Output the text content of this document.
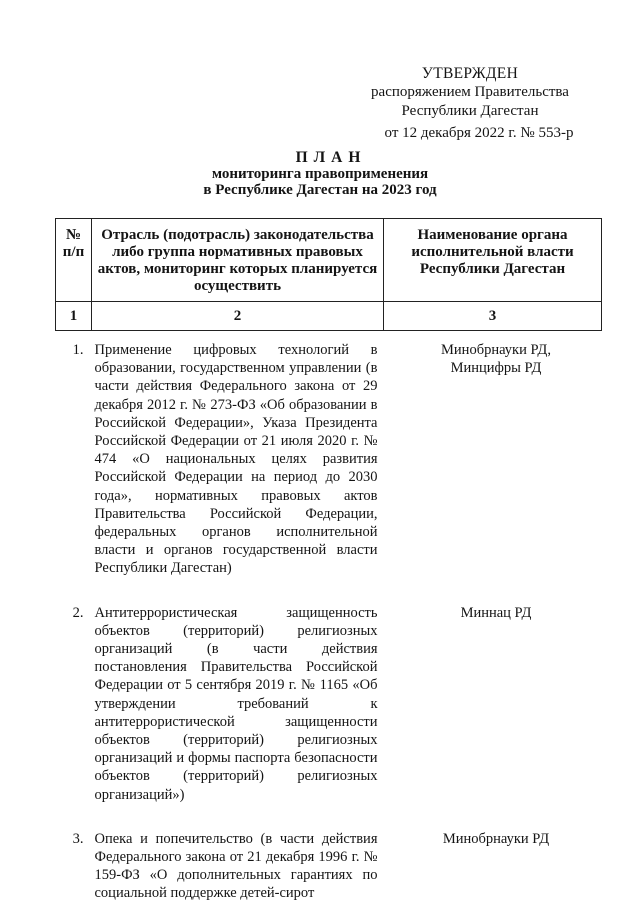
УТВЕРЖДЕН
распоряжением Правительства
Республики Дагестан
от 12 декабря 2022 г. № 553-р
ПЛАН
мониторинга правоприменения
в Республике Дагестан на 2023 год
№ п/п	Отрасль (подотрасль) законодательства либо группа нормативных правовых актов, мониторинг которых планируется осуществить	Наименование органа исполнительной власти Республики Дагестан
1	2	3
1.	Применение цифровых технологий в образовании, государственном управлении (в части действия Федерального закона от 29 декабря 2012 г. № 273-ФЗ «Об образовании в Российской Федерации», Указа Президента Российской Федерации от 21 июля 2020 г. № 474 «О национальных целях развития Российской Федерации на период до 2030 года», нормативных правовых актов Правительства Российской Федерации, федеральных органов исполнительной власти и органов государственной власти Республики Дагестан)	Минобрнауки РД,
Минцифры РД

2.	Антитеррористическая защищенность объектов (территорий) религиозных организаций (в части действия постановления Правительства Российской Федерации от 5 сентября 2019 г. № 1165 «Об утверждении требований к антитеррористической защищенности объектов (территорий) религиозных организаций и формы паспорта безопасности объектов (территорий) религиозных организаций»)	Миннац РД

3.	Опека и попечительство (в части действия Федерального закона от 21 декабря 1996 г. № 159-ФЗ «О дополнительных гарантиях по социальной поддержке детей-сирот	Минобрнауки РД
